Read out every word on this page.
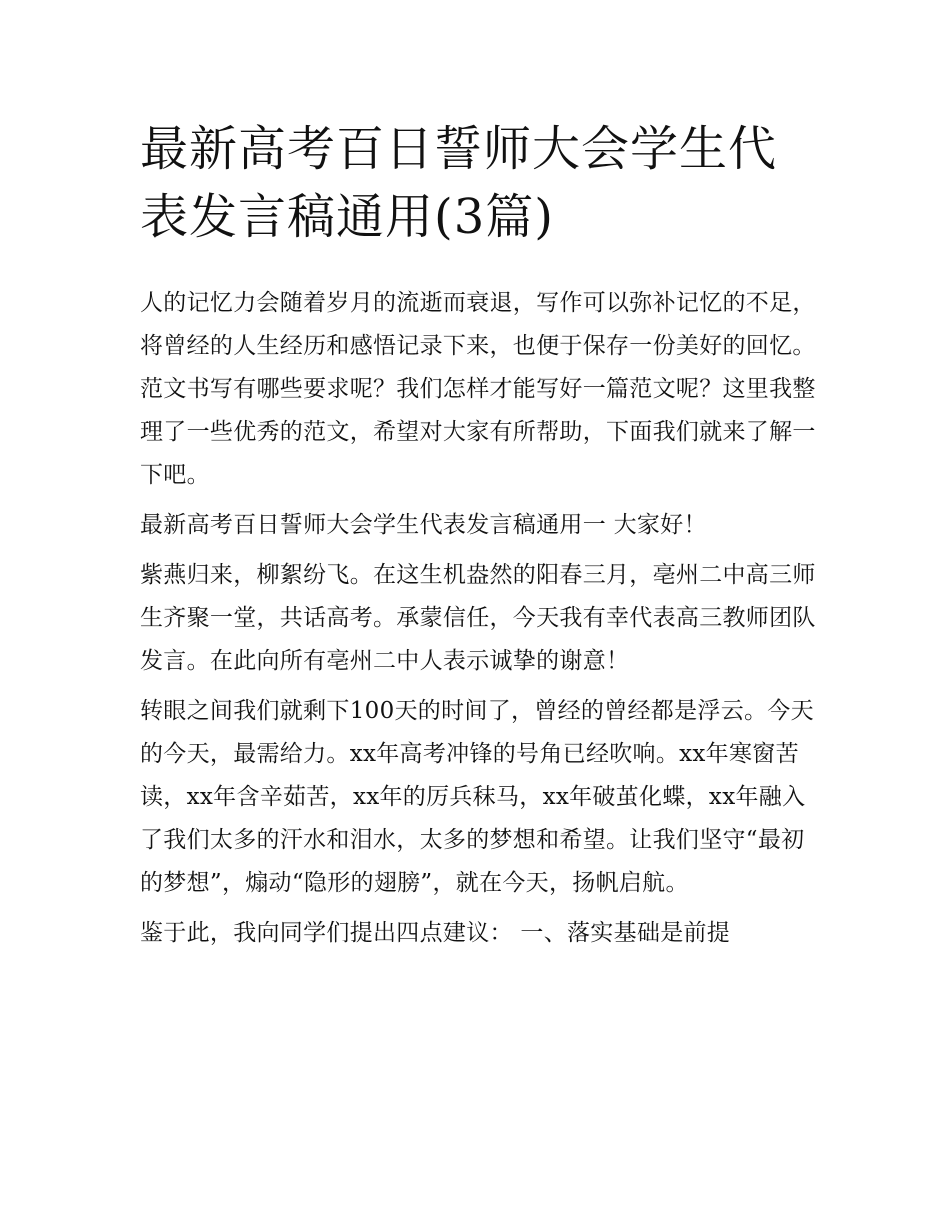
最新高考百日誓师大会学生代表发言稿通用(3篇)

人的记忆力会随着岁月的流逝而衰退，写作可以弥补记忆的不足，将曾经的人生经历和感悟记录下来，也便于保存一份美好的回忆。范文书写有哪些要求呢？我们怎样才能写好一篇范文呢？这里我整理了一些优秀的范文，希望对大家有所帮助，下面我们就来了解一下吧。

最新高考百日誓师大会学生代表发言稿通用一 大家好！

紫燕归来，柳絮纷飞。在这生机盎然的阳春三月，亳州二中高三师生齐聚一堂，共话高考。承蒙信任，今天我有幸代表高三教师团队发言。在此向所有亳州二中人表示诚挚的谢意！

转眼之间我们就剩下100天的时间了，曾经的曾经都是浮云。今天的今天，最需给力。xx年高考冲锋的号角已经吹响。xx年寒窗苦读，xx年含辛茹苦，xx年的厉兵秣马，xx年破茧化蝶，xx年融入了我们太多的汗水和泪水，太多的梦想和希望。让我们坚守“最初的梦想”，煽动“隐形的翅膀”，就在今天，扬帆启航。

鉴于此，我向同学们提出四点建议： 一、落实基础是前提
